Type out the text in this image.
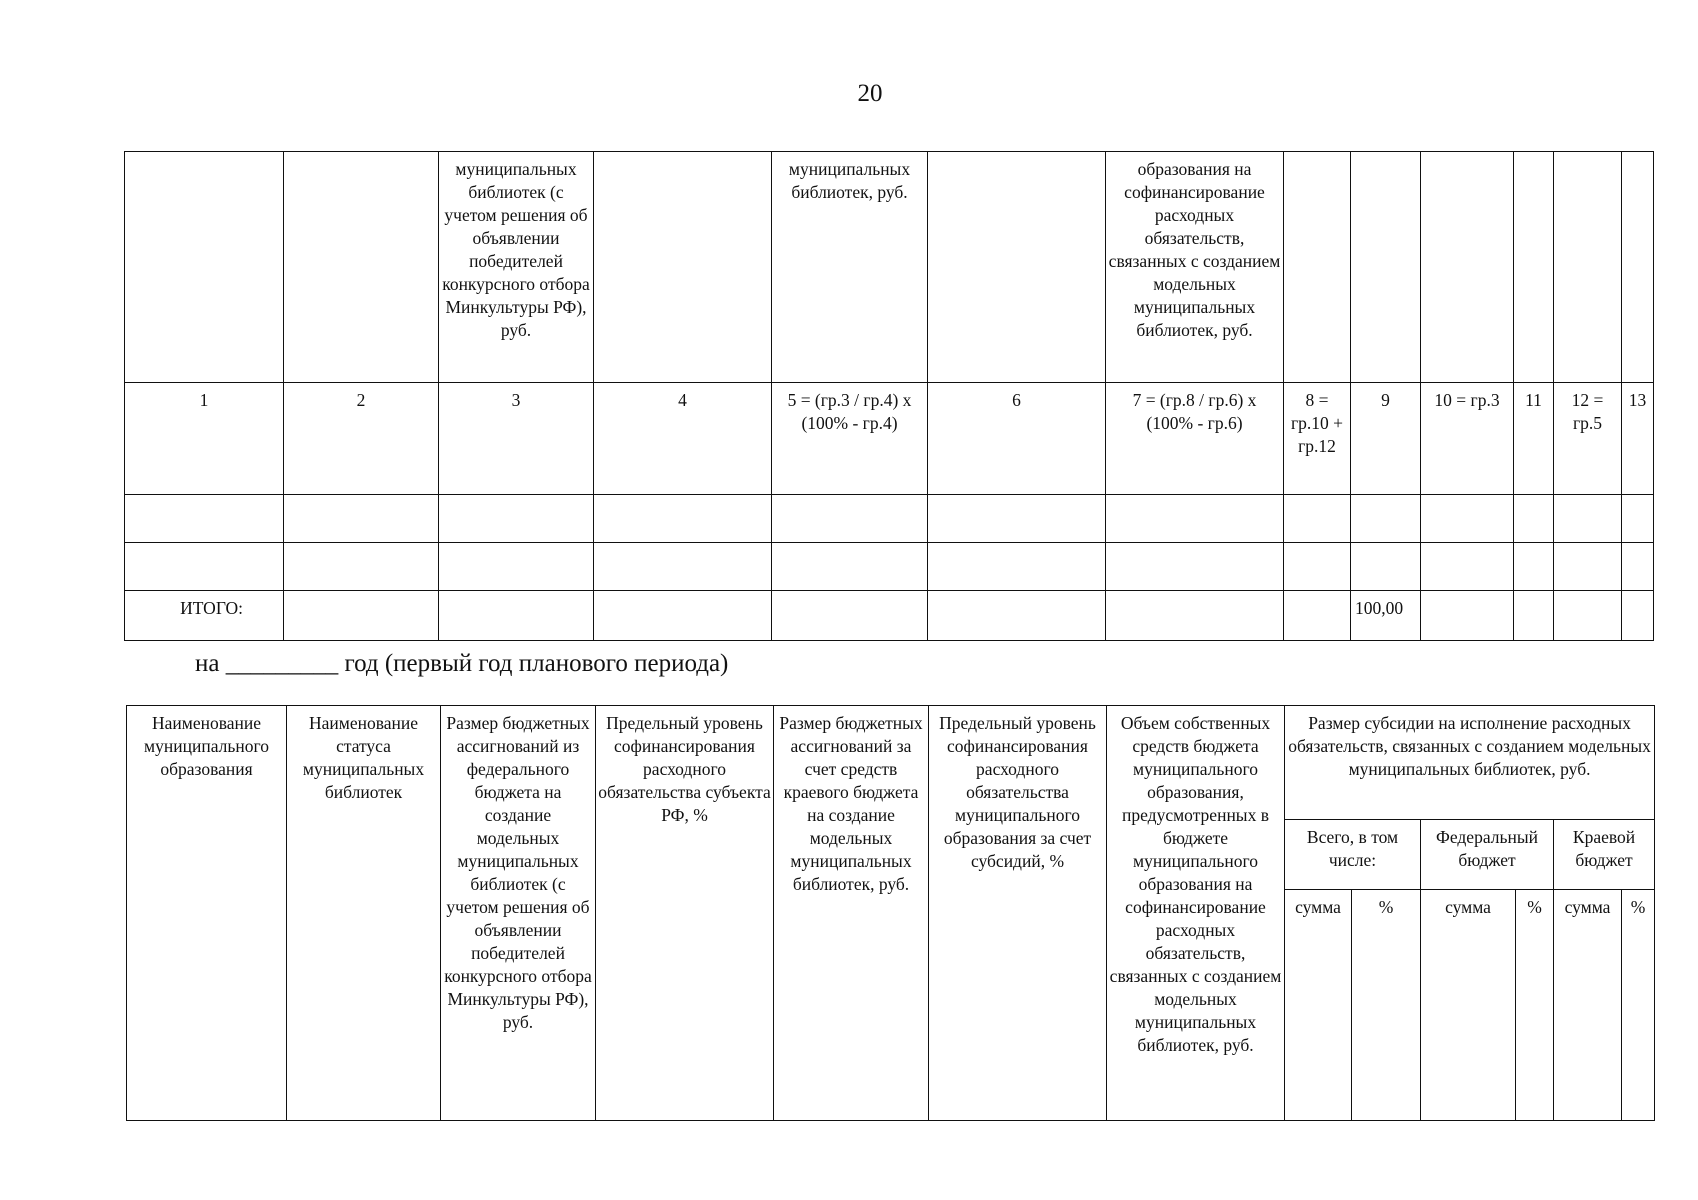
20
		муниципальных библиотек (с учетом решения об объявлении победителей конкурсного отбора Минкультуры РФ), руб.		муниципальных библиотек, руб.		образования на софинансирование расходных обязательств, связанных с созданием модельных муниципальных библиотек, руб.						
1	2	3	4	5 = (гр.3 / гр.4) x (100% - гр.4)	6	7 = (гр.8 / гр.6) x (100% - гр.6)	8 = гр.10 + гр.12	9	10 = гр.3	11	12 = гр.5	13

ИТОГО:								100,00				
на _________ год (первый год планового периода)
Наименование муниципального образования	Наименование статуса муниципальных библиотек	Размер бюджетных ассигнований из федерального бюджета на создание модельных муниципальных библиотек (с учетом решения об объявлении победителей конкурсного отбора Минкультуры РФ), руб.	Предельный уровень софинансирования расходного обязательства субъекта РФ, %	Размер бюджетных ассигнований за счет средств краевого бюджета на создание модельных муниципальных библиотек, руб.	Предельный уровень софинансирования расходного обязательства муниципального образования за счет субсидий, %	Объем собственных средств бюджета муниципального образования, предусмотренных в бюджете муниципального образования на софинансирование расходных обязательств, связанных с созданием модельных муниципальных библиотек, руб.	Размер субсидии на исполнение расходных обязательств, связанных с созданием модельных муниципальных библиотек, руб.					
							Всего, в том числе:		Федеральный бюджет		Краевой бюджет	
							сумма	%	сумма	%	сумма	%
